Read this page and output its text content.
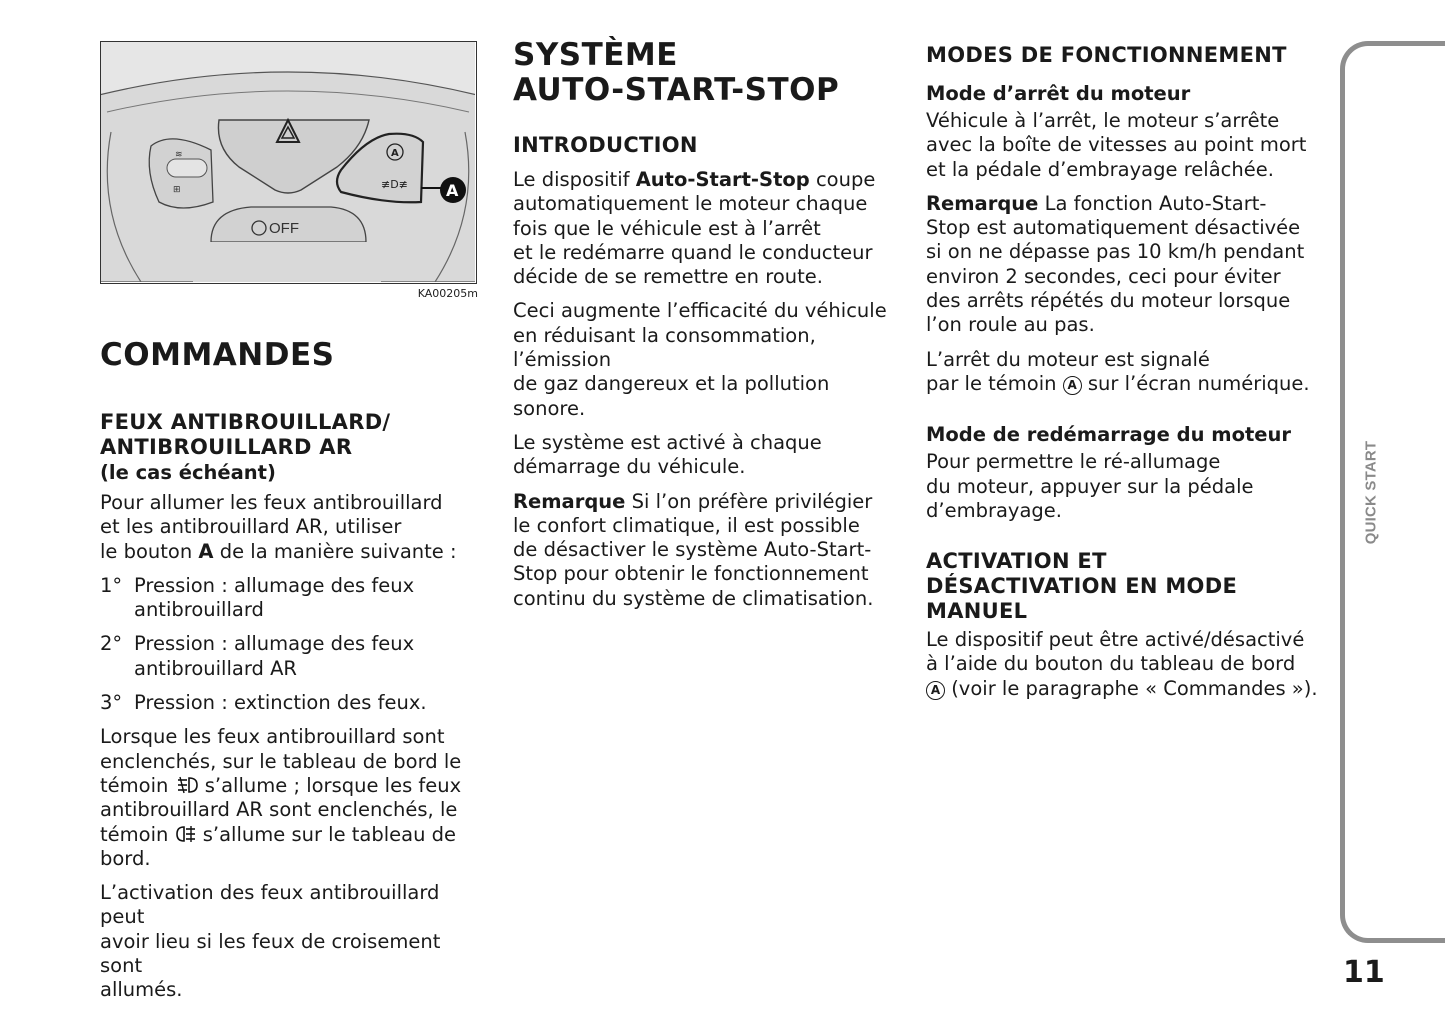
≋
⊞
A
≢D≢ A
OFF
KA00205m
COMMANDES
FEUX ANTIBROUILLARD/
ANTIBROUILLARD AR
(le cas échéant)

Pour allumer les feux antibrouillard
et les antibrouillard AR, utiliser
le bouton A de la manière suivante :

1° Pression : allumage des feux
antibrouillard
2° Pression : allumage des feux
antibrouillard AR
3° Pression : extinction des feux.

Lorsque les feux antibrouillard sont
enclenchés, sur le tableau de bord le
témoin  s’allume ; lorsque les feux
antibrouillard AR sont enclenchés, le
témoin  s’allume sur le tableau de bord.

L’activation des feux antibrouillard peut
avoir lieu si les feux de croisement sont
allumés.

SYSTÈME
AUTO-START-STOP
INTRODUCTION

Le dispositif Auto-Start-Stop coupe
automatiquement le moteur chaque
fois que le véhicule est à l’arrêt
et le redémarre quand le conducteur
décide de se remettre en route.

Ceci augmente l’efficacité du véhicule
en réduisant la consommation, l’émission
de gaz dangereux et la pollution sonore.

Le système est activé à chaque
démarrage du véhicule.

Remarque Si l’on préfère privilégier
le confort climatique, il est possible
de désactiver le système Auto-Start-
Stop pour obtenir le fonctionnement
continu du système de climatisation.

MODES DE FONCTIONNEMENT
Mode d’arrêt du moteur

Véhicule à l’arrêt, le moteur s’arrête
avec la boîte de vitesses au point mort
et la pédale d’embrayage relâchée.

Remarque La fonction Auto-Start-
Stop est automatiquement désactivée
si on ne dépasse pas 10 km/h pendant
environ 2 secondes, ceci pour éviter
des arrêts répétés du moteur lorsque
l’on roule au pas.

L’arrêt du moteur est signalé
par le témoin A sur l’écran numérique.

Mode de redémarrage du moteur

Pour permettre le ré-allumage
du moteur, appuyer sur la pédale
d’embrayage.

ACTIVATION ET
DÉSACTIVATION EN MODE
MANUEL

Le dispositif peut être activé/désactivé
à l’aide du bouton du tableau de bord
A (voir le paragraphe « Commandes »).

QUICK START
11
